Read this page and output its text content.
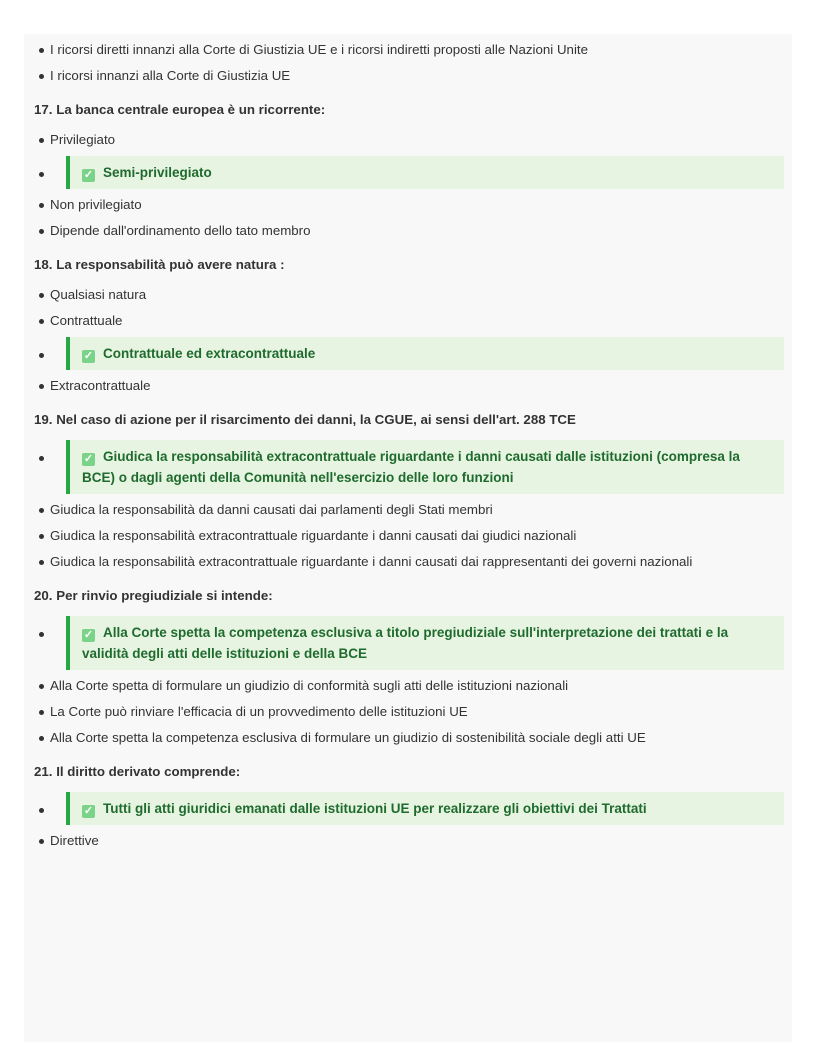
I ricorsi diretti innanzi alla Corte di Giustizia UE e i ricorsi indiretti proposti alle Nazioni Unite
I ricorsi innanzi alla Corte di Giustizia UE
17. La banca centrale europea è un ricorrente:
Privilegiato
✓ Semi-privilegiato
Non privilegiato
Dipende dall'ordinamento dello tato membro
18. La responsabilità può avere natura :
Qualsiasi natura
Contrattuale
✓ Contrattuale ed extracontrattuale
Extracontrattuale
19. Nel caso di azione per il risarcimento dei danni, la CGUE, ai sensi dell'art. 288 TCE
✓ Giudica la responsabilità extracontrattuale riguardante i danni causati dalle istituzioni (compresa la BCE) o dagli agenti della Comunità nell'esercizio delle loro funzioni
Giudica la responsabilità da danni causati dai parlamenti degli Stati membri
Giudica la responsabilità extracontrattuale riguardante i danni causati dai giudici nazionali
Giudica la responsabilità extracontrattuale riguardante i danni causati dai rappresentanti dei governi nazionali
20. Per rinvio pregiudiziale si intende:
✓ Alla Corte spetta la competenza esclusiva a titolo pregiudiziale sull'interpretazione dei trattati e la validità degli atti delle istituzioni e della BCE
Alla Corte spetta di formulare un giudizio di conformità sugli atti delle istituzioni nazionali
La Corte può rinviare l'efficacia di un provvedimento delle istituzioni UE
Alla Corte spetta la competenza esclusiva di formulare un giudizio di sostenibilità sociale degli atti UE
21. Il diritto derivato comprende:
✓ Tutti gli atti giuridici emanati dalle istituzioni UE per realizzare gli obiettivi dei Trattati
Direttive
